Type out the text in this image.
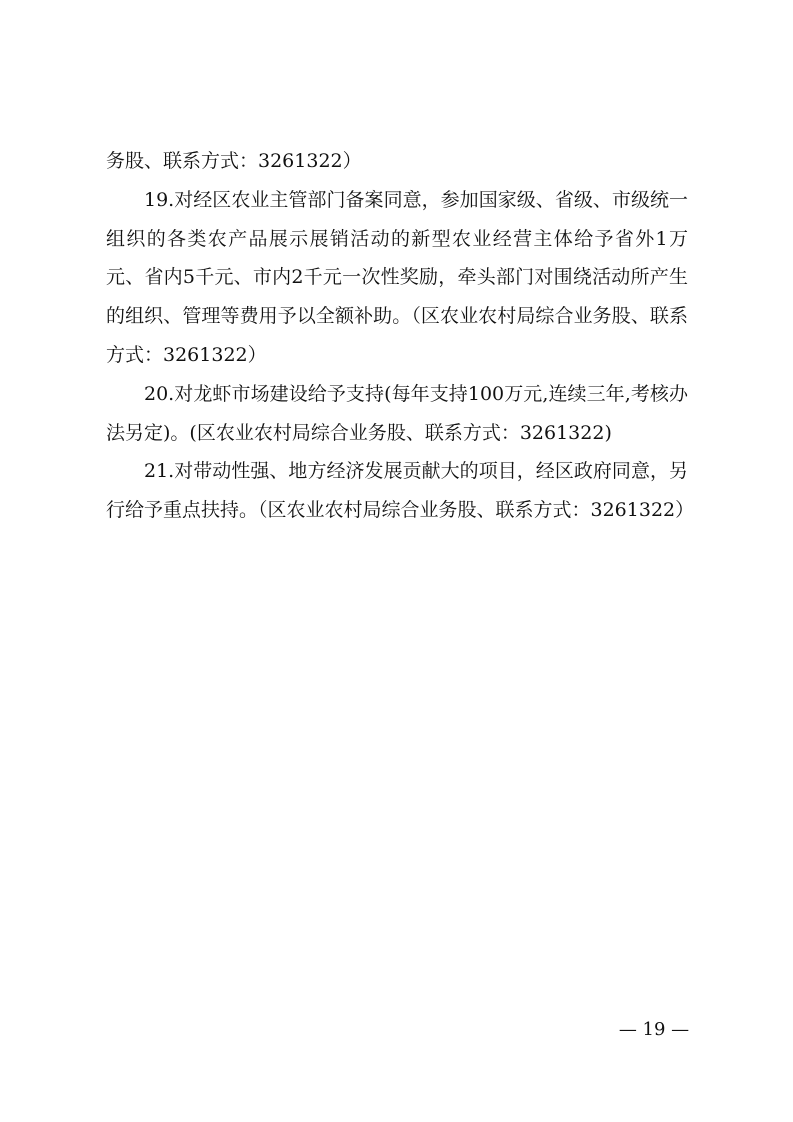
务股、联系方式：3261322）

19.对经区农业主管部门备案同意，参加国家级、省级、市级统一组织的各类农产品展示展销活动的新型农业经营主体给予省外1万元、省内5千元、市内2千元一次性奖励，牵头部门对围绕活动所产生的组织、管理等费用予以全额补助。（区农业农村局综合业务股、联系方式：3261322）

20.对龙虾市场建设给予支持(每年支持100万元,连续三年,考核办法另定)。(区农业农村局综合业务股、联系方式：3261322)

21.对带动性强、地方经济发展贡献大的项目，经区政府同意，另行给予重点扶持。（区农业农村局综合业务股、联系方式：3261322）

— 19 —
